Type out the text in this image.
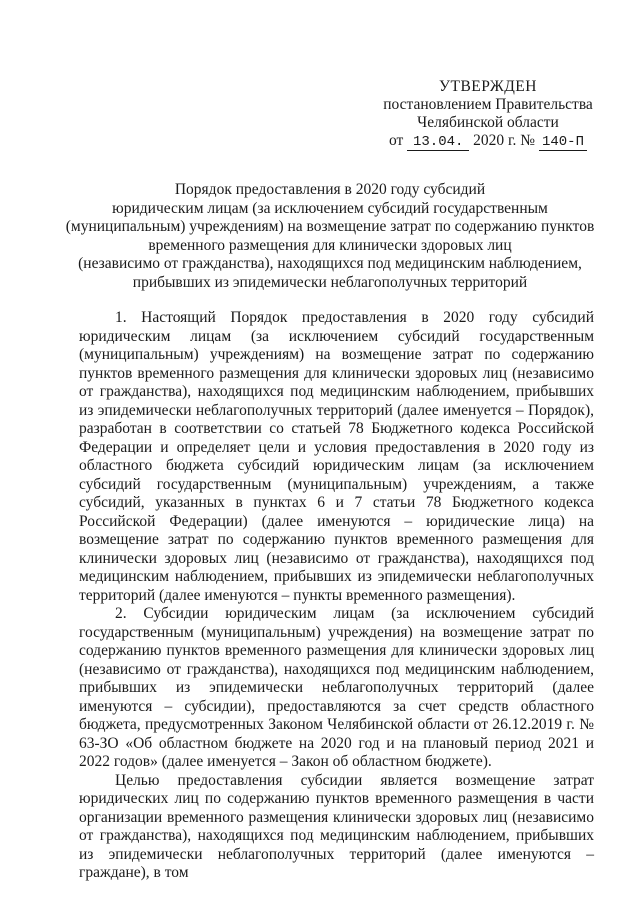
УТВЕРЖДЕН
постановлением Правительства
Челябинской области
от 13.04. 2020 г. № 140-П
Порядок предоставления в 2020 году субсидий
юридическим лицам (за исключением субсидий государственным
(муниципальным) учреждениям) на возмещение затрат по содержанию пунктов
временного размещения для клинически здоровых лиц
(независимо от гражданства), находящихся под медицинским наблюдением,
прибывших из эпидемически неблагополучных территорий

1. Настоящий Порядок предоставления в 2020 году субсидий юридическим лицам (за исключением субсидий государственным (муниципальным) учреждениям) на возмещение затрат по содержанию пунктов временного размещения для клинически здоровых лиц (независимо от гражданства), находящихся под медицинским наблюдением, прибывших из эпидемически неблагополучных территорий (далее именуется – Порядок), разработан в соответствии со статьей 78 Бюджетного кодекса Российской Федерации и определяет цели и условия предоставления в 2020 году из областного бюджета субсидий юридическим лицам (за исключением субсидий государственным (муниципальным) учреждениям, а также субсидий, указанных в пунктах 6 и 7 статьи 78 Бюджетного кодекса Российской Федерации) (далее именуются – юридические лица) на возмещение затрат по содержанию пунктов временного размещения для клинически здоровых лиц (независимо от гражданства), находящихся под медицинским наблюдением, прибывших из эпидемически неблагополучных территорий (далее именуются – пункты временного размещения).

2. Субсидии юридическим лицам (за исключением субсидий государственным (муниципальным) учреждения) на возмещение затрат по содержанию пунктов временного размещения для клинически здоровых лиц (независимо от гражданства), находящихся под медицинским наблюдением, прибывших из эпидемически неблагополучных территорий (далее именуются – субсидии), предоставляются за счет средств областного бюджета, предусмотренных Законом Челябинской области от 26.12.2019 г. № 63-ЗО «Об областном бюджете на 2020 год и на плановый период 2021 и 2022 годов» (далее именуется – Закон об областном бюджете).

Целью предоставления субсидии является возмещение затрат юридических лиц по содержанию пунктов временного размещения в части организации временного размещения клинически здоровых лиц (независимо от гражданства), находящихся под медицинским наблюдением, прибывших из эпидемически неблагополучных территорий (далее именуются – граждане), в том
